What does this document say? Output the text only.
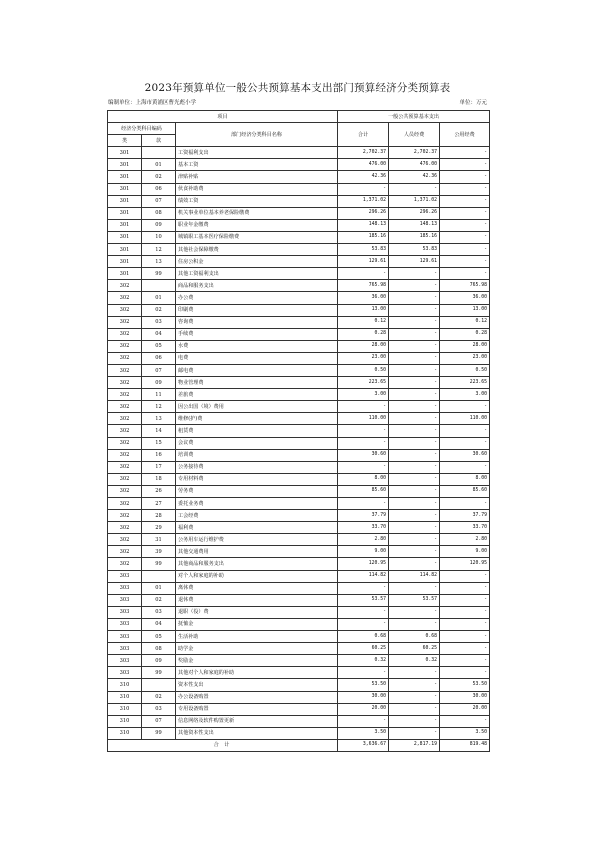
2023年预算单位一般公共预算基本支出部门预算经济分类预算表
编制单位：上海市黄浦区曹光彪小学	单位：万元
项目			一般公共预算基本支出		
经济分类科目编码		部门经济分类科目名称	合计	人员经费	公用经费
类	款				
301		工资福利支出	2,702.37	2,702.37	-
301	01	基本工资	476.00	476.00	-
301	02	津贴补贴	42.36	42.36	-
301	06	伙食补助费	-	-	-
301	07	绩效工资	1,371.02	1,371.02	-
301	08	机关事业单位基本养老保险缴费	296.26	296.26	-
301	09	职业年金缴费	148.13	148.13	-
301	10	城镇职工基本医疗保险缴费	185.16	185.16	-
301	12	其他社会保障缴费	53.83	53.83	-
301	13	住房公积金	129.61	129.61	-
301	99	其他工资福利支出	-	-	-
302		商品和服务支出	765.98	-	765.98
302	01	办公费	36.00	-	36.00
302	02	印刷费	13.00	-	13.00
302	03	咨询费	0.12	-	0.12
302	04	手续费	0.28	-	0.28
302	05	水费	28.00	-	28.00
302	06	电费	23.00	-	23.00
302	07	邮电费	0.50	-	0.50
302	09	物业管理费	223.65	-	223.65
302	11	差旅费	3.00	-	3.00
302	12	因公出国（境）费用	-	-	-
302	13	维修(护)费	110.00	-	110.00
302	14	租赁费	-	-	-
302	15	会议费	-	-	-
302	16	培训费	30.60	-	30.60
302	17	公务接待费	-	-	-
302	18	专用材料费	8.00	-	8.00
302	26	劳务费	85.60	-	85.60
302	27	委托业务费	-	-	-
302	28	工会经费	37.79	-	37.79
302	29	福利费	33.70	-	33.70
302	31	公务用车运行维护费	2.80	-	2.80
302	39	其他交通费用	9.00	-	9.00
302	99	其他商品和服务支出	120.95	-	120.95
303		对个人和家庭的补助	114.82	114.82	-
303	01	离休费	-	-	-
303	02	退休费	53.57	53.57	-
303	03	退职（役）费	-	-	-
303	04	抚恤金	-	-	-
303	05	生活补助	0.68	0.68	-
303	08	助学金	60.25	60.25	-
303	09	奖励金	0.32	0.32	-
303	99	其他对个人和家庭的补助	-	-	-
310		资本性支出	53.50	-	53.50
310	02	办公设备购置	30.00	-	30.00
310	03	专用设备购置	20.00	-	20.00
310	07	信息网络及软件购置更新	-	-	-
310	99	其他资本性支出	3.50	-	3.50
合 计			3,636.67	2,817.19	819.48
